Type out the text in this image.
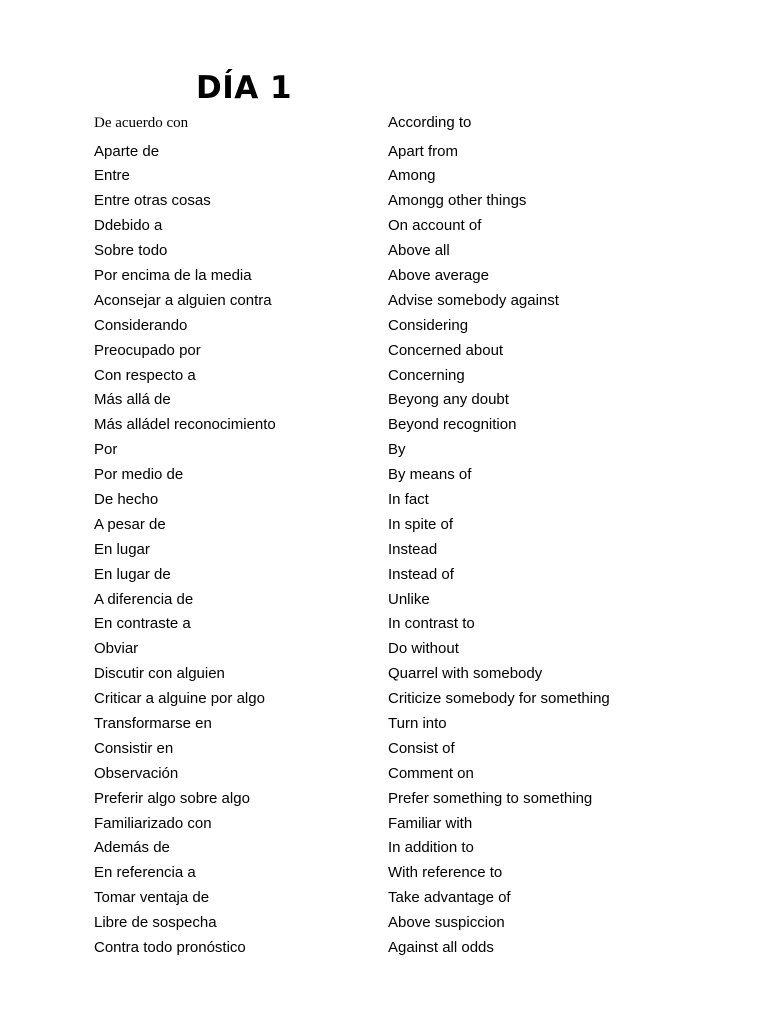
DÍA 1
De acuerdo con	According to
Aparte de	Apart from
Entre	Among
Entre otras cosas	Amongg other things
Ddebido a	On account of
Sobre todo	Above all
Por encima de la media	Above average
Aconsejar a alguien contra	Advise somebody against
Considerando	Considering
Preocupado por	Concerned about
Con respecto a	Concerning
Más allá de	Beyong any doubt
Más alládel reconocimiento	Beyond recognition
Por	By
Por medio de	By means of
De hecho	In fact
A pesar de	In spite of
En lugar	Instead
En lugar de	Instead of
A diferencia de	Unlike
En contraste a	In contrast to
Obviar	Do without
Discutir con alguien	Quarrel with somebody
Criticar a alguine por algo	Criticize somebody for something
Transformarse en	Turn into
Consistir en	Consist of
Observación	Comment on
Preferir algo sobre algo	Prefer something to something
Familiarizado con	Familiar with
Además de	In addition to
En referencia a	With reference to
Tomar ventaja de	Take advantage of
Libre de sospecha	Above suspiccion
Contra todo pronóstico	Against all odds
